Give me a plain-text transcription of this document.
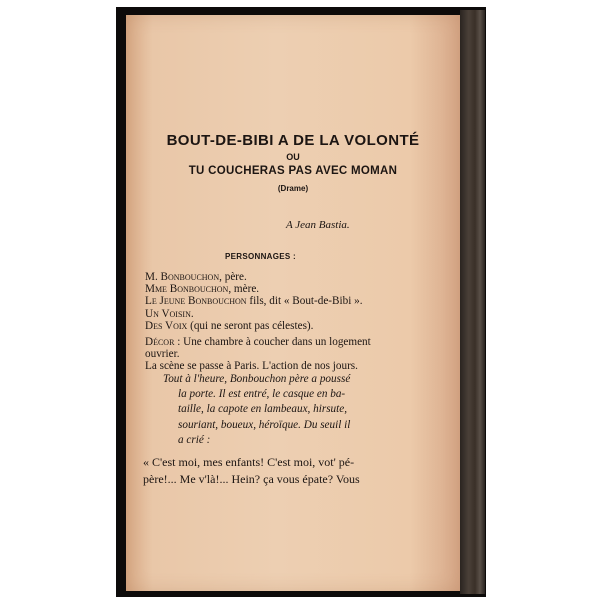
BOUT-DE-BIBI A DE LA VOLONTÉ
OU
TU COUCHERAS PAS AVEC MOMAN
(Drame)
A Jean Bastia.
PERSONNAGES :
M. Bonbouchon, père.
Mme Bonbouchon, mère.
Le Jeune Bonbouchon fils, dit « Bout-de-Bibi ».
Un Voisin.
Des Voix (qui ne seront pas célestes).
Décor : Une chambre à coucher dans un logement
ouvrier.
La scène se passe à Paris. L'action de nos jours.
Tout à l'heure, Bonbouchon père a poussé
la porte. Il est entré, le casque en ba-
taille, la capote en lambeaux, hirsute,
souriant, boueux, héroïque. Du seuil il
a crié :
« C'est moi, mes enfants! C'est moi, vot' pé-
père!... Me v'là!... Hein? ça vous épate? Vous
